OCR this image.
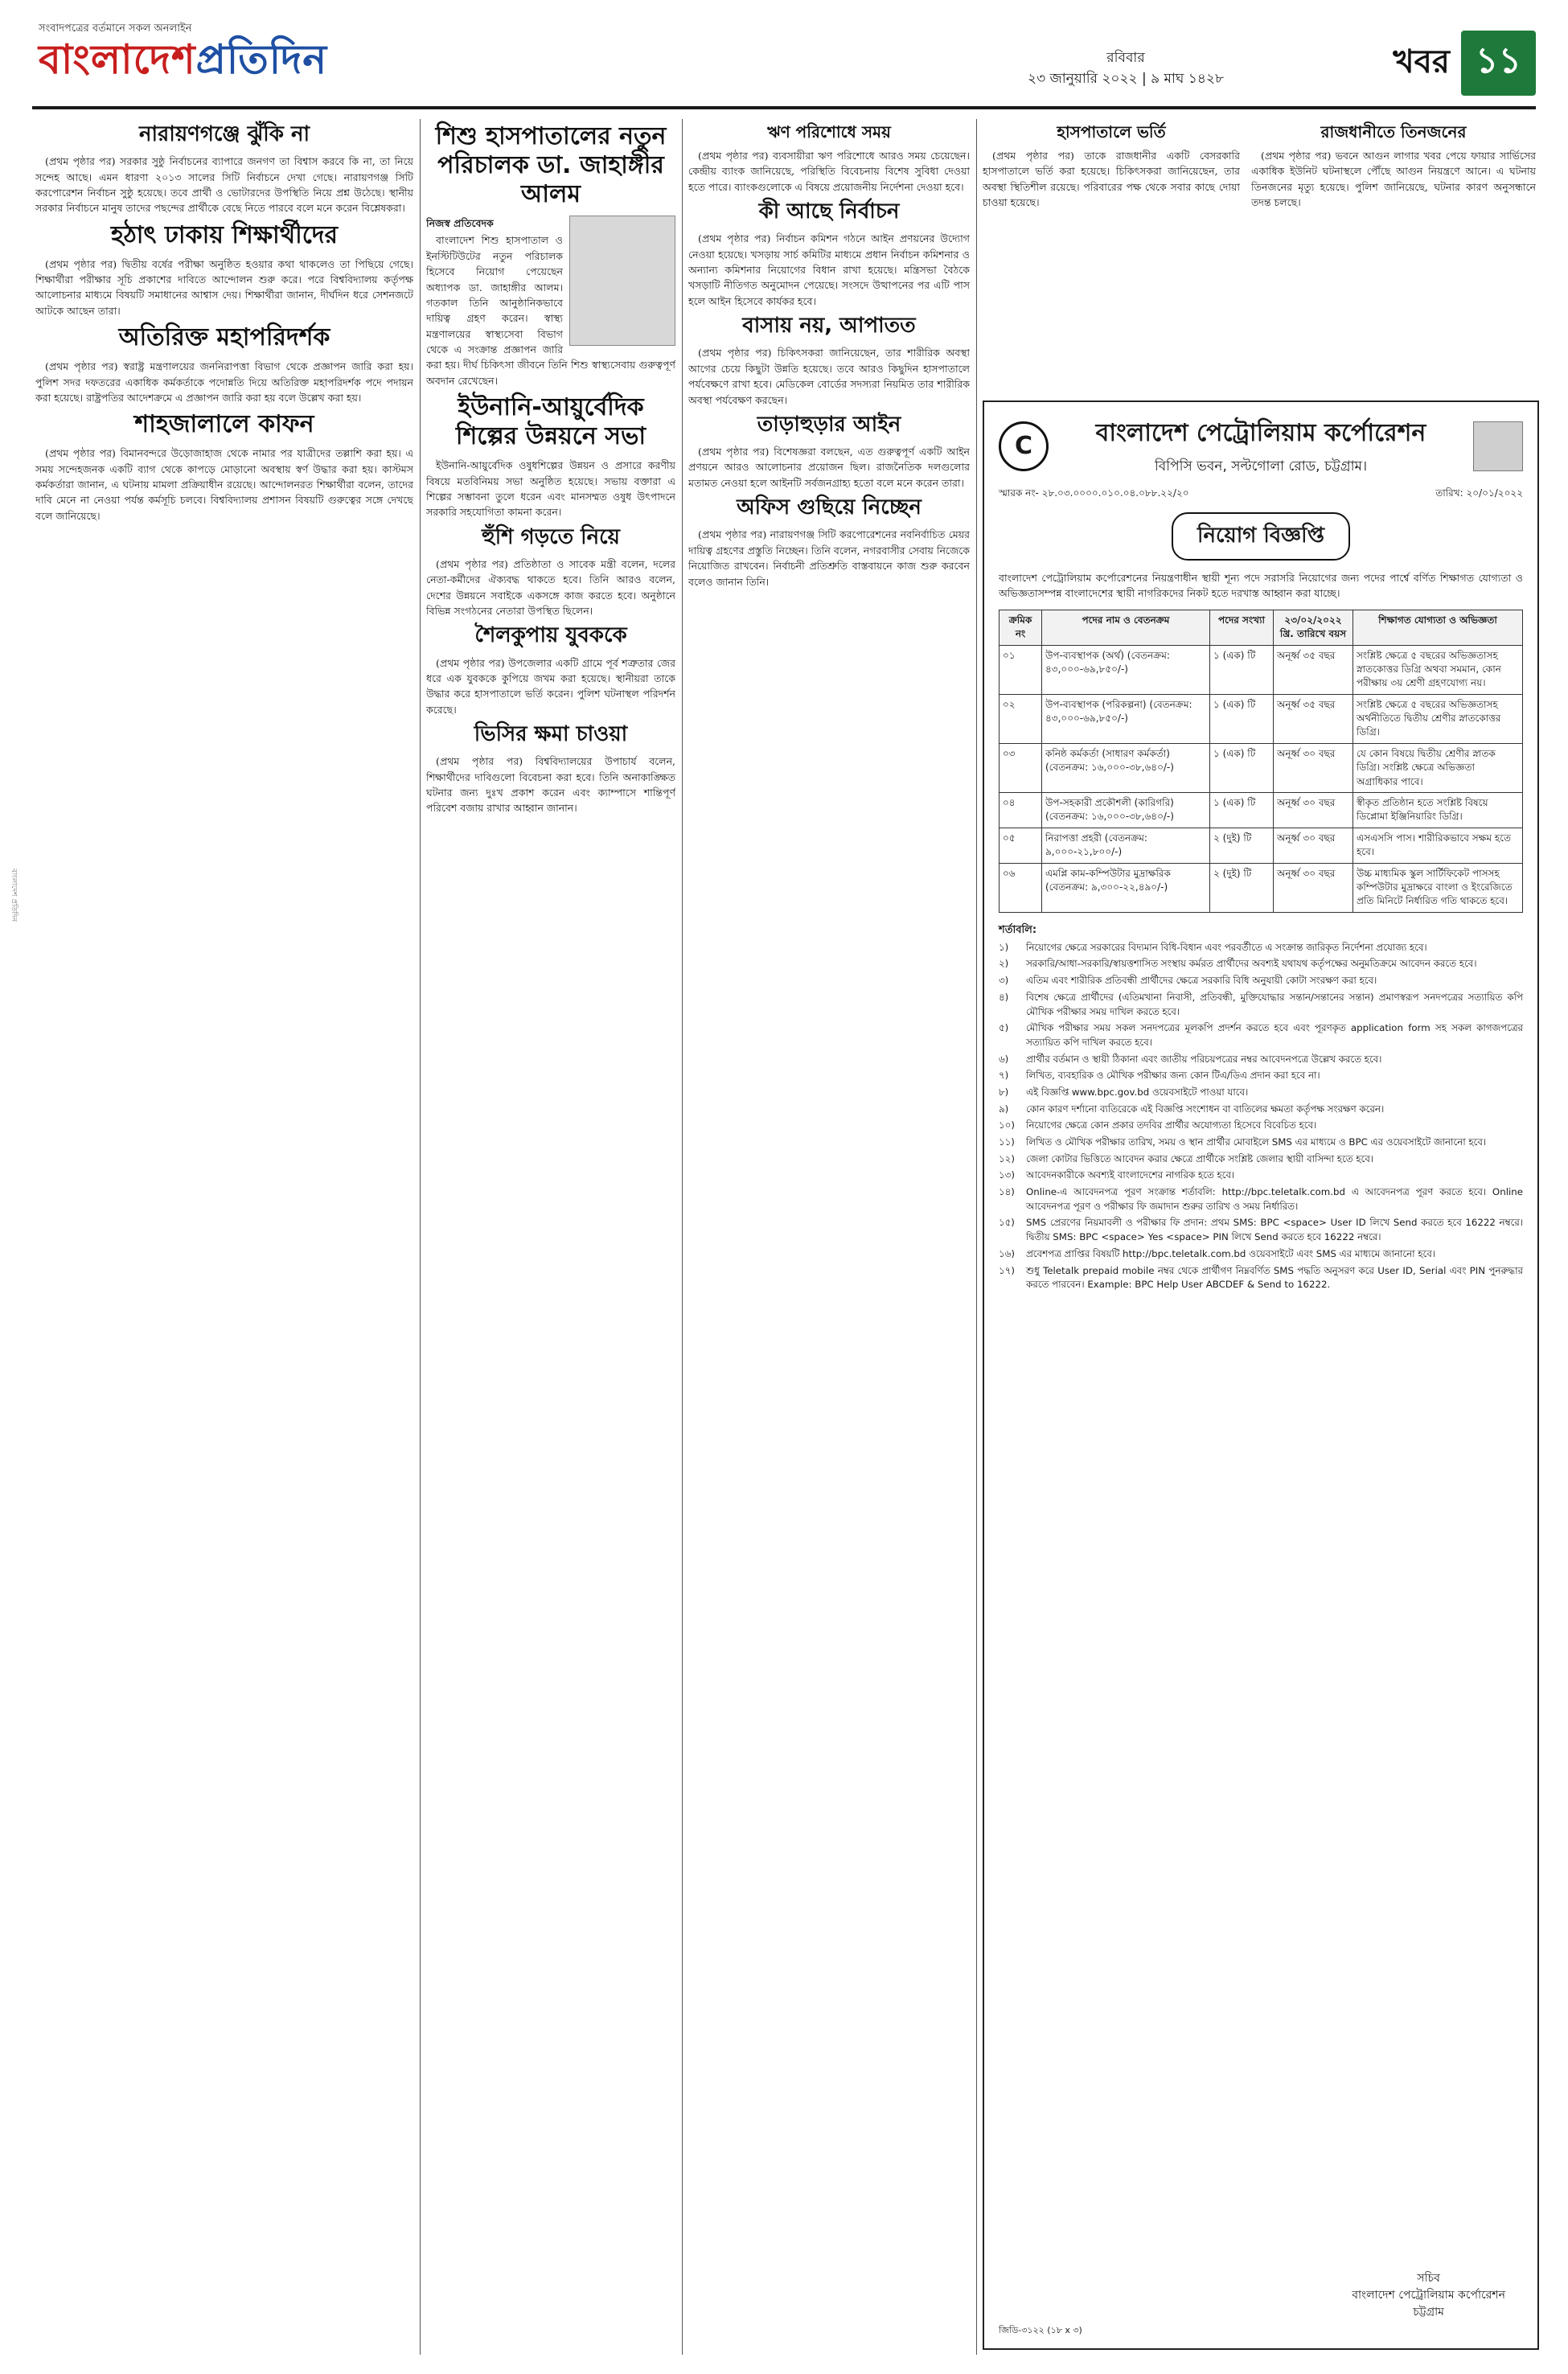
সংবাদপত্রের বর্তমানে সকল অনলাইন
বাংলাদেশপ্রতিদিন	রবিবার
২৩ জানুয়ারি ২০২২ | ৯ মাঘ ১৪২৮	খবর ১১
বাংলাদেশ প্রতিদিন
নারায়ণগঞ্জে ঝুঁকি না

(প্রথম পৃষ্ঠার পর) সরকার সুষ্ঠু নির্বাচনের ব্যাপারে জনগণ তা বিশ্বাস করবে কি না, তা নিয়ে সন্দেহ আছে। এমন ধারণা ২০১৩ সালের সিটি নির্বাচনে দেখা গেছে। নারায়ণগঞ্জ সিটি করপোরেশন নির্বাচন সুষ্ঠু হয়েছে। তবে প্রার্থী ও ভোটারদের উপস্থিতি নিয়ে প্রশ্ন উঠেছে। স্থানীয় সরকার নির্বাচনে মানুষ তাদের পছন্দের প্রার্থীকে বেছে নিতে পারবে বলে মনে করেন বিশ্লেষকরা।

হঠাৎ ঢাকায় শিক্ষার্থীদের

(প্রথম পৃষ্ঠার পর) দ্বিতীয় বর্ষের পরীক্ষা অনুষ্ঠিত হওয়ার কথা থাকলেও তা পিছিয়ে গেছে। শিক্ষার্থীরা পরীক্ষার সূচি প্রকাশের দাবিতে আন্দোলন শুরু করে। পরে বিশ্ববিদ্যালয় কর্তৃপক্ষ আলোচনার মাধ্যমে বিষয়টি সমাধানের আশ্বাস দেয়। শিক্ষার্থীরা জানান, দীর্ঘদিন ধরে সেশনজটে আটকে আছেন তারা।

অতিরিক্ত মহাপরিদর্শক

(প্রথম পৃষ্ঠার পর) স্বরাষ্ট্র মন্ত্রণালয়ের জননিরাপত্তা বিভাগ থেকে প্রজ্ঞাপন জারি করা হয়। পুলিশ সদর দফতরের একাধিক কর্মকর্তাকে পদোন্নতি দিয়ে অতিরিক্ত মহাপরিদর্শক পদে পদায়ন করা হয়েছে। রাষ্ট্রপতির আদেশক্রমে এ প্রজ্ঞাপন জারি করা হয় বলে উল্লেখ করা হয়।

শাহজালালে কাফন

(প্রথম পৃষ্ঠার পর) বিমানবন্দরে উড়োজাহাজ থেকে নামার পর যাত্রীদের তল্লাশি করা হয়। এ সময় সন্দেহজনক একটি ব্যাগ থেকে কাপড়ে মোড়ানো অবস্থায় স্বর্ণ উদ্ধার করা হয়। কাস্টমস কর্মকর্তারা জানান, এ ঘটনায় মামলা প্রক্রিয়াধীন রয়েছে। আন্দোলনরত শিক্ষার্থীরা বলেন, তাদের দাবি মেনে না নেওয়া পর্যন্ত কর্মসূচি চলবে। বিশ্ববিদ্যালয় প্রশাসন বিষয়টি গুরুত্বের সঙ্গে দেখছে বলে জানিয়েছে।

শিশু হাসপাতালের নতুন পরিচালক ডা. জাহাঙ্গীর আলম
নিজস্ব প্রতিবেদক

বাংলাদেশ শিশু হাসপাতাল ও ইনস্টিটিউটের নতুন পরিচালক হিসেবে নিয়োগ পেয়েছেন অধ্যাপক ডা. জাহাঙ্গীর আলম। গতকাল তিনি আনুষ্ঠানিকভাবে দায়িত্ব গ্রহণ করেন। স্বাস্থ্য মন্ত্রণালয়ের স্বাস্থ্যসেবা বিভাগ থেকে এ সংক্রান্ত প্রজ্ঞাপন জারি করা হয়। দীর্ঘ চিকিৎসা জীবনে তিনি শিশু স্বাস্থ্যসেবায় গুরুত্বপূর্ণ অবদান রেখেছেন।

ইউনানি-আয়ুর্বেদিক শিল্পের উন্নয়নে সভা

ইউনানি-আয়ুর্বেদিক ওষুধশিল্পের উন্নয়ন ও প্রসারে করণীয় বিষয়ে মতবিনিময় সভা অনুষ্ঠিত হয়েছে। সভায় বক্তারা এ শিল্পের সম্ভাবনা তুলে ধরেন এবং মানসম্মত ওষুধ উৎপাদনে সরকারি সহযোগিতা কামনা করেন।

হুঁশি গড়তে নিয়ে

(প্রথম পৃষ্ঠার পর) প্রতিষ্ঠাতা ও সাবেক মন্ত্রী বলেন, দলের নেতা-কর্মীদের ঐক্যবদ্ধ থাকতে হবে। তিনি আরও বলেন, দেশের উন্নয়নে সবাইকে একসঙ্গে কাজ করতে হবে। অনুষ্ঠানে বিভিন্ন সংগঠনের নেতারা উপস্থিত ছিলেন।

শৈলকুপায় যুবককে

(প্রথম পৃষ্ঠার পর) উপজেলার একটি গ্রামে পূর্ব শত্রুতার জের ধরে এক যুবককে কুপিয়ে জখম করা হয়েছে। স্থানীয়রা তাকে উদ্ধার করে হাসপাতালে ভর্তি করেন। পুলিশ ঘটনাস্থল পরিদর্শন করেছে।

ভিসির ক্ষমা চাওয়া

(প্রথম পৃষ্ঠার পর) বিশ্ববিদ্যালয়ের উপাচার্য বলেন, শিক্ষার্থীদের দাবিগুলো বিবেচনা করা হবে। তিনি অনাকাঙ্ক্ষিত ঘটনার জন্য দুঃখ প্রকাশ করেন এবং ক্যাম্পাসে শান্তিপূর্ণ পরিবেশ বজায় রাখার আহ্বান জানান।

ঋণ পরিশোধে সময়

(প্রথম পৃষ্ঠার পর) ব্যবসায়ীরা ঋণ পরিশোধে আরও সময় চেয়েছেন। কেন্দ্রীয় ব্যাংক জানিয়েছে, পরিস্থিতি বিবেচনায় বিশেষ সুবিধা দেওয়া হতে পারে। ব্যাংকগুলোকে এ বিষয়ে প্রয়োজনীয় নির্দেশনা দেওয়া হবে।

কী আছে নির্বাচন

(প্রথম পৃষ্ঠার পর) নির্বাচন কমিশন গঠনে আইন প্রণয়নের উদ্যোগ নেওয়া হয়েছে। খসড়ায় সার্চ কমিটির মাধ্যমে প্রধান নির্বাচন কমিশনার ও অন্যান্য কমিশনার নিয়োগের বিধান রাখা হয়েছে। মন্ত্রিসভা বৈঠকে খসড়াটি নীতিগত অনুমোদন পেয়েছে। সংসদে উত্থাপনের পর এটি পাস হলে আইন হিসেবে কার্যকর হবে।

বাসায় নয়, আপাতত

(প্রথম পৃষ্ঠার পর) চিকিৎসকরা জানিয়েছেন, তার শারীরিক অবস্থা আগের চেয়ে কিছুটা উন্নতি হয়েছে। তবে আরও কিছুদিন হাসপাতালে পর্যবেক্ষণে রাখা হবে। মেডিকেল বোর্ডের সদস্যরা নিয়মিত তার শারীরিক অবস্থা পর্যবেক্ষণ করছেন।

তাড়াহুড়ার আইন

(প্রথম পৃষ্ঠার পর) বিশেষজ্ঞরা বলছেন, এত গুরুত্বপূর্ণ একটি আইন প্রণয়নে আরও আলোচনার প্রয়োজন ছিল। রাজনৈতিক দলগুলোর মতামত নেওয়া হলে আইনটি সর্বজনগ্রাহ্য হতো বলে মনে করেন তারা।

অফিস গুছিয়ে নিচ্ছেন

(প্রথম পৃষ্ঠার পর) নারায়ণগঞ্জ সিটি করপোরেশনের নবনির্বাচিত মেয়র দায়িত্ব গ্রহণের প্রস্তুতি নিচ্ছেন। তিনি বলেন, নগরবাসীর সেবায় নিজেকে নিয়োজিত রাখবেন। নির্বাচনী প্রতিশ্রুতি বাস্তবায়নে কাজ শুরু করবেন বলেও জানান তিনি।

হাসপাতালে ভর্তি

(প্রথম পৃষ্ঠার পর) তাকে রাজধানীর একটি বেসরকারি হাসপাতালে ভর্তি করা হয়েছে। চিকিৎসকরা জানিয়েছেন, তার অবস্থা স্থিতিশীল রয়েছে। পরিবারের পক্ষ থেকে সবার কাছে দোয়া চাওয়া হয়েছে।

রাজধানীতে তিনজনের

(প্রথম পৃষ্ঠার পর) ভবনে আগুন লাগার খবর পেয়ে ফায়ার সার্ভিসের একাধিক ইউনিট ঘটনাস্থলে পৌঁছে আগুন নিয়ন্ত্রণে আনে। এ ঘটনায় তিনজনের মৃত্যু হয়েছে। পুলিশ জানিয়েছে, ঘটনার কারণ অনুসন্ধানে তদন্ত চলছে।

C	বাংলাদেশ পেট্রোলিয়াম কর্পোরেশন
বিপিসি ভবন, সল্টগোলা রোড, চট্টগ্রাম।
স্মারক নং- ২৮.০৩.০০০০.০১০.০৪.০৮৮.২২/২০	তারিখ: ২০/০১/২০২২
নিয়োগ বিজ্ঞপ্তি
বাংলাদেশ পেট্রোলিয়াম কর্পোরেশনের নিয়ন্ত্রণাধীন স্থায়ী শূন্য পদে সরাসরি নিয়োগের জন্য পদের পার্শ্বে বর্ণিত শিক্ষাগত যোগ্যতা ও অভিজ্ঞতাসম্পন্ন বাংলাদেশের স্থায়ী নাগরিকদের নিকট হতে দরখাস্ত আহ্বান করা যাচ্ছে।
ক্রমিক নং	পদের নাম ও বেতনক্রম	পদের সংখ্যা	২৩/০২/২০২২ খ্রি. তারিখে বয়স	শিক্ষাগত যোগ্যতা ও অভিজ্ঞতা
০১	উপ-ব্যবস্থাপক (অর্থ) (বেতনক্রম: ৪৩,০০০-৬৯,৮৫০/-)	১ (এক) টি	অনূর্ধ্ব ৩৫ বছর	সংশ্লিষ্ট ক্ষেত্রে ৫ বছরের অভিজ্ঞতাসহ স্নাতকোত্তর ডিগ্রি অথবা সমমান, কোন পরীক্ষায় ৩য় শ্রেণী গ্রহণযোগ্য নয়।
০২	উপ-ব্যবস্থাপক (পরিকল্পনা) (বেতনক্রম: ৪৩,০০০-৬৯,৮৫০/-)	১ (এক) টি	অনূর্ধ্ব ৩৫ বছর	সংশ্লিষ্ট ক্ষেত্রে ৫ বছরের অভিজ্ঞতাসহ অর্থনীতিতে দ্বিতীয় শ্রেণীর স্নাতকোত্তর ডিগ্রি।
০৩	কনিষ্ঠ কর্মকর্তা (সাধারণ কর্মকর্তা) (বেতনক্রম: ১৬,০০০-৩৮,৬৪০/-)	১ (এক) টি	অনূর্ধ্ব ৩০ বছর	যে কোন বিষয়ে দ্বিতীয় শ্রেণীর স্নাতক ডিগ্রি। সংশ্লিষ্ট ক্ষেত্রে অভিজ্ঞতা অগ্রাধিকার পাবে।
০৪	উপ-সহকারী প্রকৌশলী (কারিগরি) (বেতনক্রম: ১৬,০০০-৩৮,৬৪০/-)	১ (এক) টি	অনূর্ধ্ব ৩০ বছর	স্বীকৃত প্রতিষ্ঠান হতে সংশ্লিষ্ট বিষয়ে ডিপ্লোমা ইঞ্জিনিয়ারিং ডিগ্রি।
০৫	নিরাপত্তা প্রহরী (বেতনক্রম: ৯,০০০-২১,৮০০/-)	২ (দুই) টি	অনূর্ধ্ব ৩০ বছর	এসএসসি পাস। শারীরিকভাবে সক্ষম হতে হবে।
০৬	এমপ্লি কাম-কম্পিউটার মুদ্রাক্ষরিক (বেতনক্রম: ৯,৩০০-২২,৪৯০/-)	২ (দুই) টি	অনূর্ধ্ব ৩০ বছর	উচ্চ মাধ্যমিক স্কুল সার্টিফিকেট পাসসহ কম্পিউটার মুদ্রাক্ষরে বাংলা ও ইংরেজিতে প্রতি মিনিটে নির্ধারিত গতি থাকতে হবে।
শর্তাবলি:
১)	নিয়োগের ক্ষেত্রে সরকারের বিদ্যমান বিধি-বিধান এবং পরবর্তীতে এ সংক্রান্ত জারিকৃত নির্দেশনা প্রযোজ্য হবে।
২)	সরকারি/আধা-সরকারি/স্বায়ত্তশাসিত সংস্থায় কর্মরত প্রার্থীদের অবশ্যই যথাযথ কর্তৃপক্ষের অনুমতিক্রমে আবেদন করতে হবে।
৩)	এতিম এবং শারীরিক প্রতিবন্ধী প্রার্থীদের ক্ষেত্রে সরকারি বিধি অনুযায়ী কোটা সংরক্ষণ করা হবে।
৪)	বিশেষ ক্ষেত্রে প্রার্থীদের (এতিমখানা নিবাসী, প্রতিবন্ধী, মুক্তিযোদ্ধার সন্তান/সন্তানের সন্তান) প্রমাণস্বরূপ সনদপত্রের সত্যায়িত কপি মৌখিক পরীক্ষার সময় দাখিল করতে হবে।
৫)	মৌখিক পরীক্ষার সময় সকল সনদপত্রের মূলকপি প্রদর্শন করতে হবে এবং পূরণকৃত application form সহ সকল কাগজপত্রের সত্যায়িত কপি দাখিল করতে হবে।
৬)	প্রার্থীর বর্তমান ও স্থায়ী ঠিকানা এবং জাতীয় পরিচয়পত্রের নম্বর আবেদনপত্রে উল্লেখ করতে হবে।
৭)	লিখিত, ব্যবহারিক ও মৌখিক পরীক্ষার জন্য কোন টিএ/ডিএ প্রদান করা হবে না।
৮)	এই বিজ্ঞপ্তি www.bpc.gov.bd ওয়েবসাইটে পাওয়া যাবে।
৯)	কোন কারণ দর্শানো ব্যতিরেকে এই বিজ্ঞপ্তি সংশোধন বা বাতিলের ক্ষমতা কর্তৃপক্ষ সংরক্ষণ করেন।
১০)	নিয়োগের ক্ষেত্রে কোন প্রকার তদবির প্রার্থীর অযোগ্যতা হিসেবে বিবেচিত হবে।
১১)	লিখিত ও মৌখিক পরীক্ষার তারিখ, সময় ও স্থান প্রার্থীর মোবাইলে SMS এর মাধ্যমে ও BPC এর ওয়েবসাইটে জানানো হবে।
১২)	জেলা কোটার ভিত্তিতে আবেদন করার ক্ষেত্রে প্রার্থীকে সংশ্লিষ্ট জেলার স্থায়ী বাসিন্দা হতে হবে।
১৩)	আবেদনকারীকে অবশ্যই বাংলাদেশের নাগরিক হতে হবে।
১৪)	Online-এ আবেদনপত্র পূরণ সংক্রান্ত শর্তাবলি: http://bpc.teletalk.com.bd এ আবেদনপত্র পূরণ করতে হবে। Online আবেদনপত্র পূরণ ও পরীক্ষার ফি জমাদান শুরুর তারিখ ও সময় নির্ধারিত।
১৫)	SMS প্রেরণের নিয়মাবলী ও পরীক্ষার ফি প্রদান: প্রথম SMS: BPC <space> User ID লিখে Send করতে হবে 16222 নম্বরে। দ্বিতীয় SMS: BPC <space> Yes <space> PIN লিখে Send করতে হবে 16222 নম্বরে।
১৬)	প্রবেশপত্র প্রাপ্তির বিষয়টি http://bpc.teletalk.com.bd ওয়েবসাইটে এবং SMS এর মাধ্যমে জানানো হবে।
১৭)	শুধু Teletalk prepaid mobile নম্বর থেকে প্রার্থীগণ নিম্নবর্ণিত SMS পদ্ধতি অনুসরণ করে User ID, Serial এবং PIN পুনরুদ্ধার করতে পারবেন। Example: BPC Help User ABCDEF & Send to 16222.
সচিব
বাংলাদেশ পেট্রোলিয়াম কর্পোরেশন
চট্টগ্রাম
জিডি-৩১২২ (১৮ x ৩)
